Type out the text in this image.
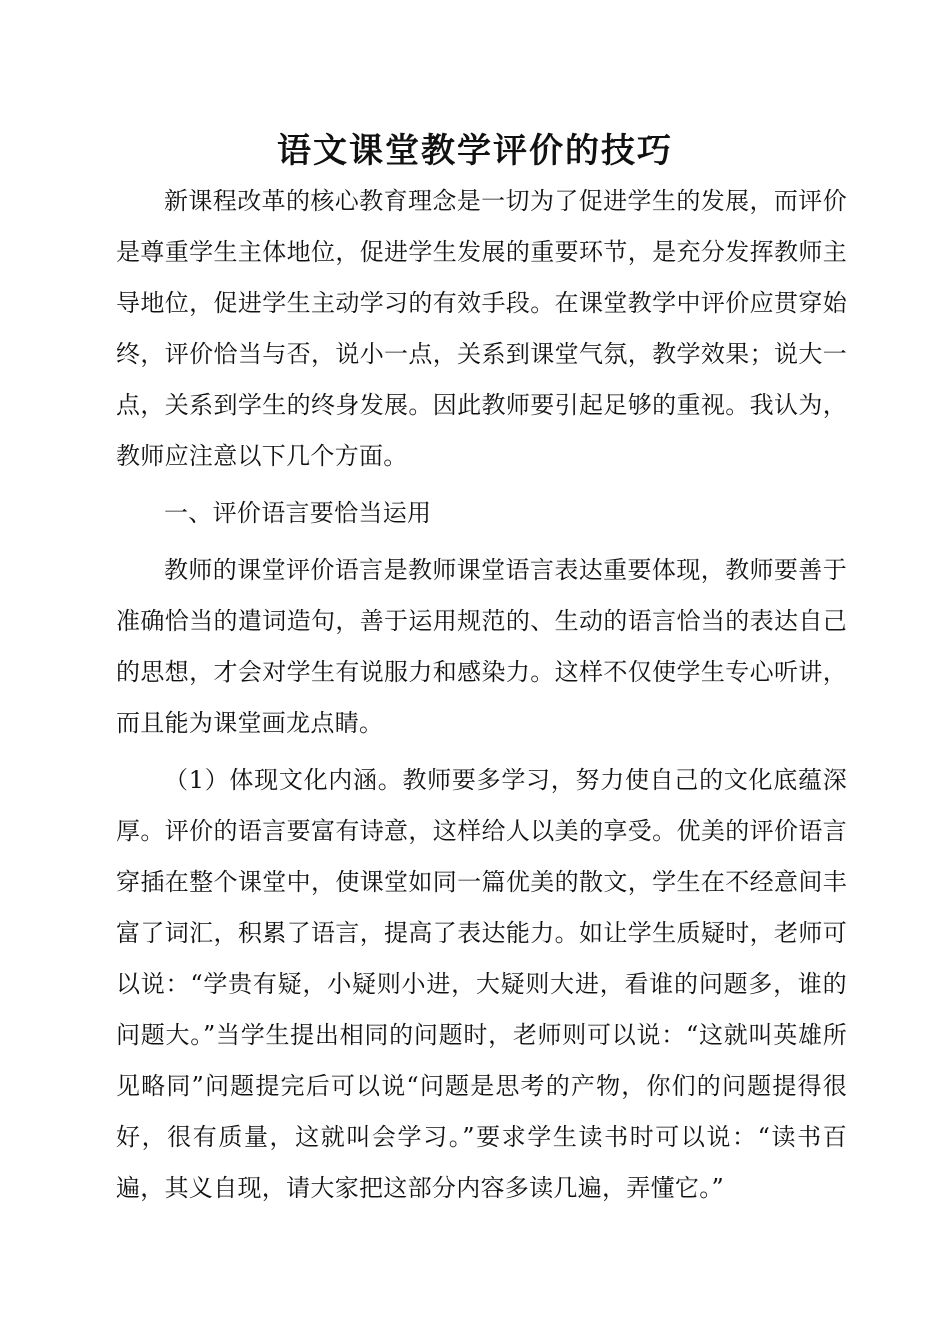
语文课堂教学评价的技巧

新课程改革的核心教育理念是一切为了促进学生的发展，而评价是尊重学生主体地位，促进学生发展的重要环节，是充分发挥教师主导地位，促进学生主动学习的有效手段。在课堂教学中评价应贯穿始终，评价恰当与否，说小一点，关系到课堂气氛，教学效果；说大一点，关系到学生的终身发展。因此教师要引起足够的重视。我认为，教师应注意以下几个方面。

一、评价语言要恰当运用

教师的课堂评价语言是教师课堂语言表达重要体现，教师要善于准确恰当的遣词造句，善于运用规范的、生动的语言恰当的表达自己的思想，才会对学生有说服力和感染力。这样不仅使学生专心听讲，而且能为课堂画龙点睛。

（1）体现文化内涵。教师要多学习，努力使自己的文化底蕴深厚。评价的语言要富有诗意，这样给人以美的享受。优美的评价语言穿插在整个课堂中，使课堂如同一篇优美的散文，学生在不经意间丰富了词汇，积累了语言，提高了表达能力。如让学生质疑时，老师可以说：“学贵有疑，小疑则小进，大疑则大进，看谁的问题多，谁的问题大。”当学生提出相同的问题时，老师则可以说：“这就叫英雄所见略同”问题提完后可以说“问题是思考的产物，你们的问题提得很好，很有质量，这就叫会学习。”要求学生读书时可以说：“读书百遍，其义自现，请大家把这部分内容多读几遍，弄懂它。”
